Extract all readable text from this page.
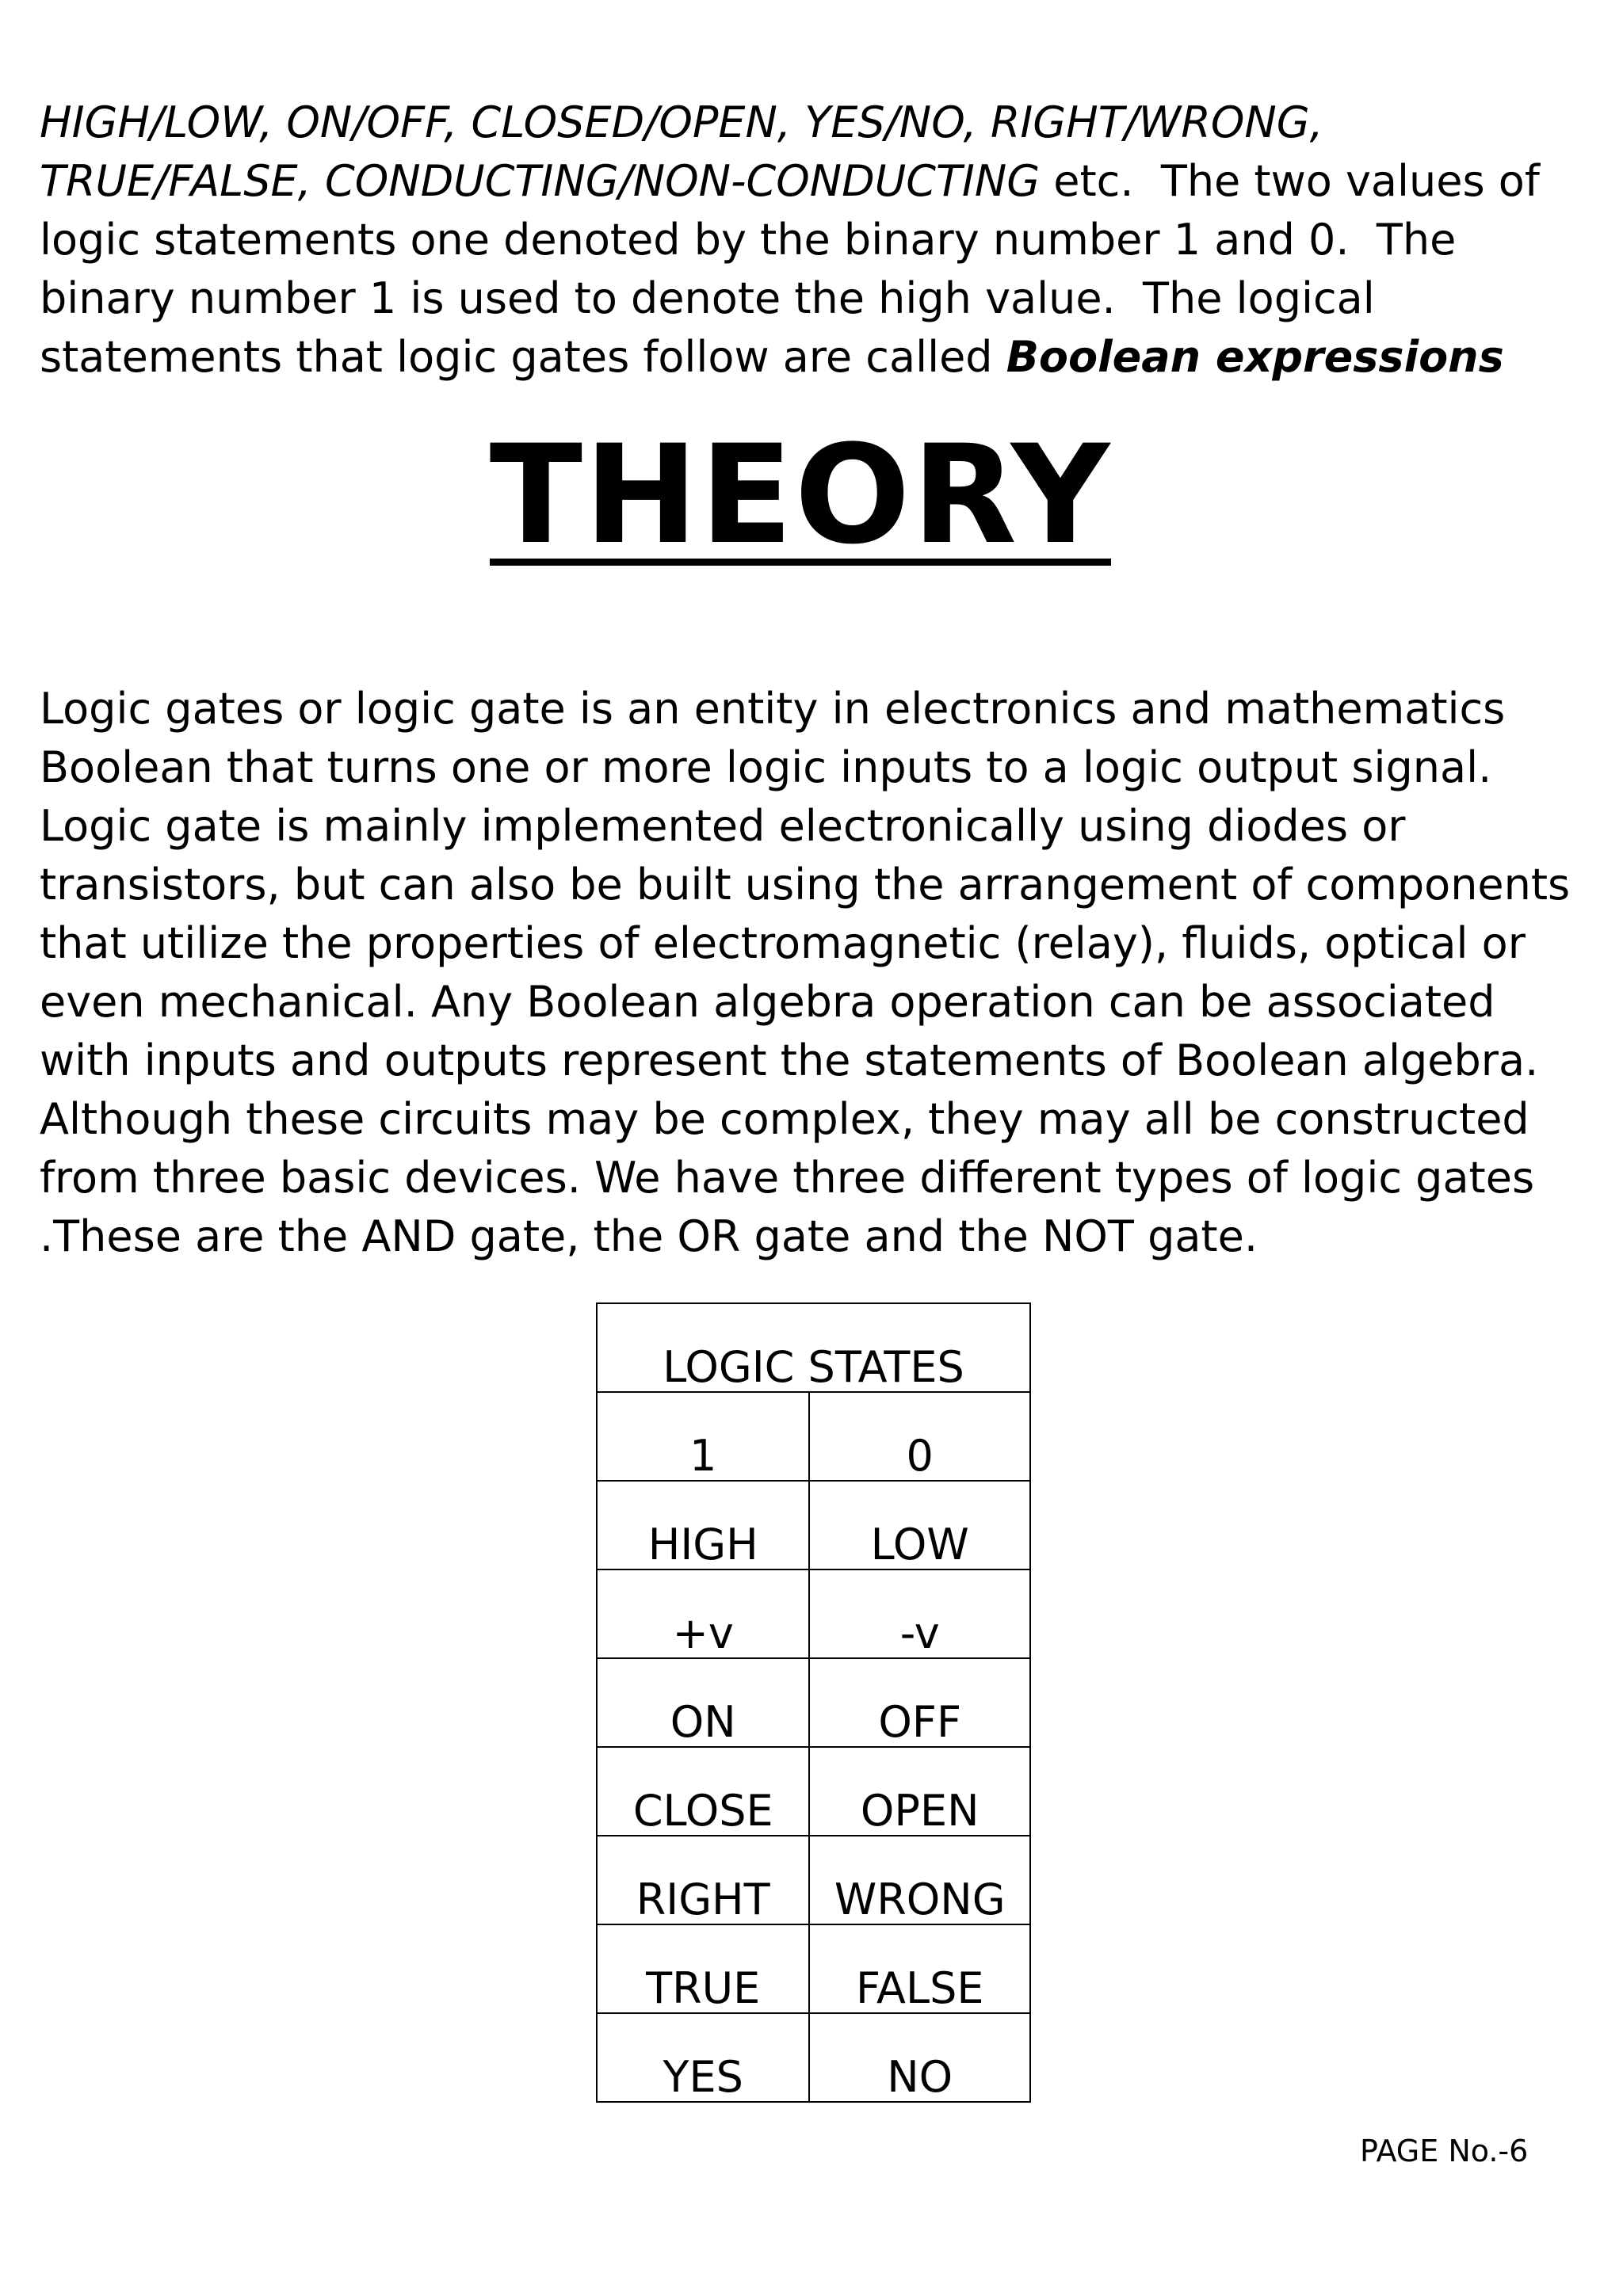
HIGH/LOW, ON/OFF, CLOSED/OPEN, YES/NO, RIGHT/WRONG,
TRUE/FALSE, CONDUCTING/NON-CONDUCTING etc.  The two values of
logic statements one denoted by the binary number 1 and 0.  The
binary number 1 is used to denote the high value.  The logical
statements that logic gates follow are called Boolean expressions

THEORY

Logic gates or logic gate is an entity in electronics and mathematics
Boolean that turns one or more logic inputs to a logic output signal.
Logic gate is mainly implemented electronically using diodes or
transistors, but can also be built using the arrangement of components
that utilize the properties of electromagnetic (relay), fluids, optical or
even mechanical. Any Boolean algebra operation can be associated
with inputs and outputs represent the statements of Boolean algebra.
Although these circuits may be complex, they may all be constructed
from three basic devices. We have three different types of logic gates
.These are the AND gate, the OR gate and the NOT gate.

LOGIC STATES	
1	0
HIGH	LOW
+v	-v
ON	OFF
CLOSE	OPEN
RIGHT	WRONG
TRUE	FALSE
YES	NO

PAGE No.-6
